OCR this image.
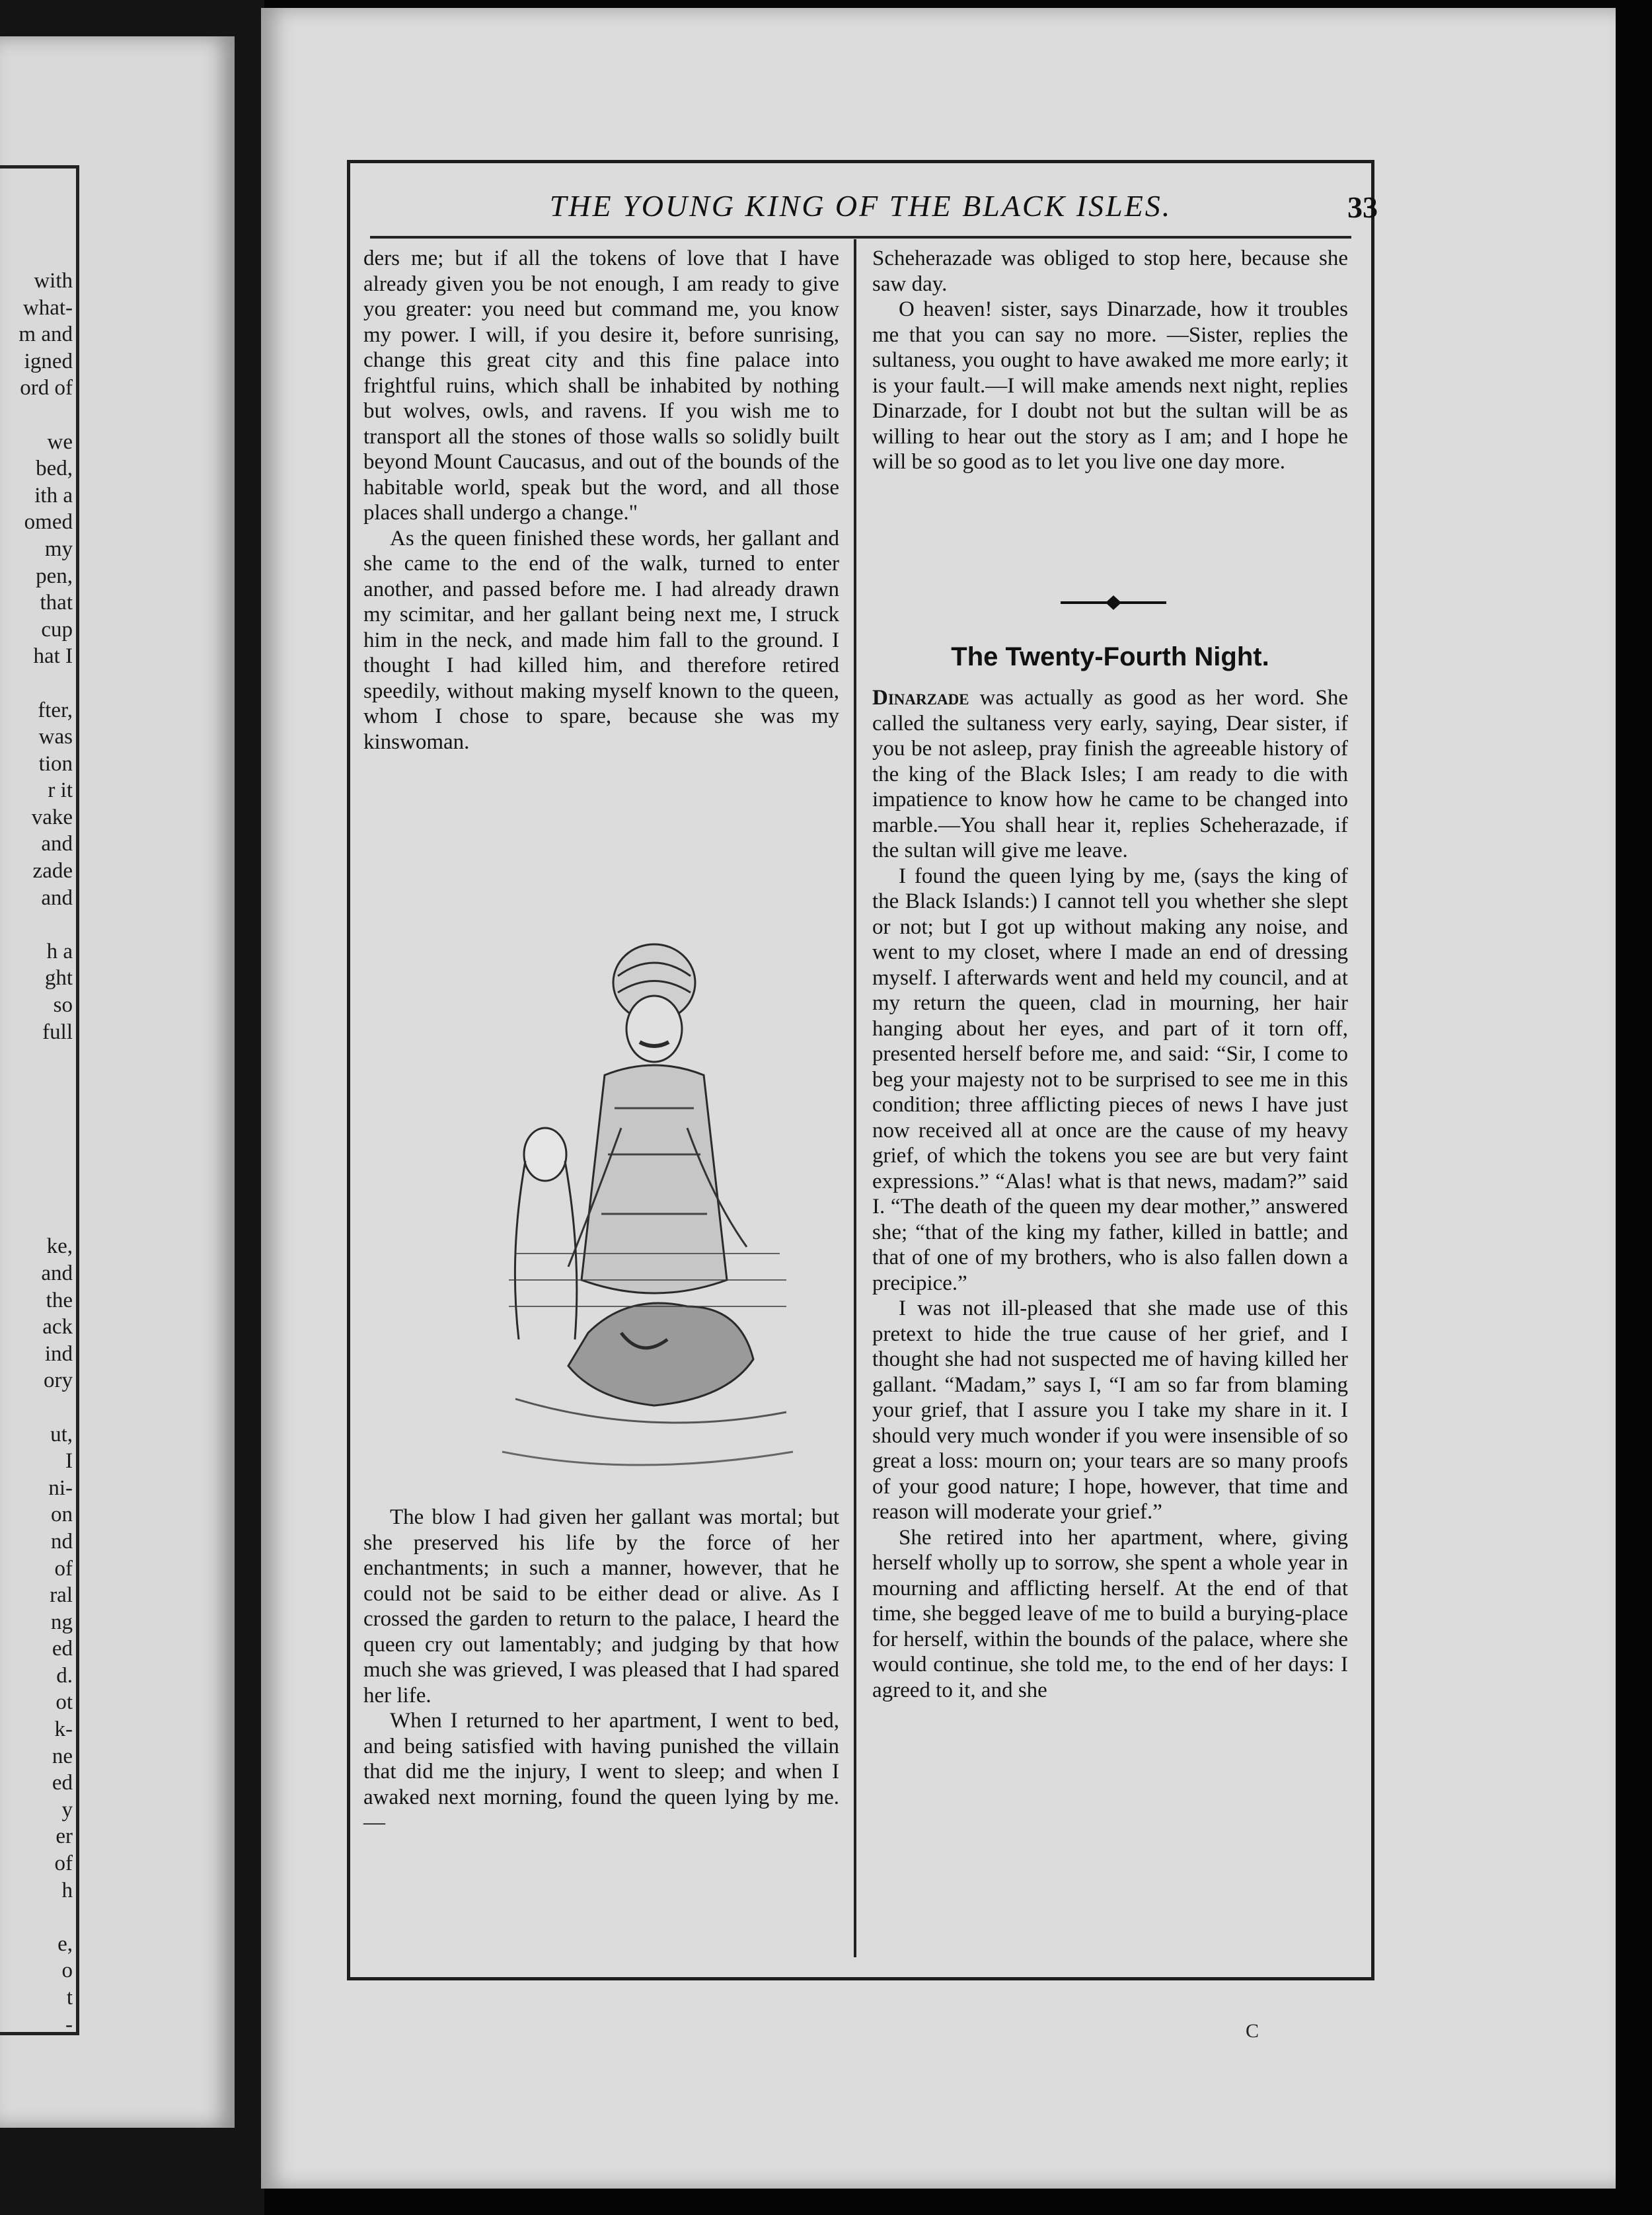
with
what-
m and
igned
ord of

we
bed,
ith a
omed
my
pen,
that
cup
hat I

fter,
was
tion
r it
vake
and
zade
and

h a
ght
so
full

ke,
and
the
ack
ind
ory

ut,
I
ni-
on
nd
of
ral
ng
ed
d.
ot
k-
ne
ed
y
er
of
h

e,
o
t
-
THE YOUNG KING OF THE BLACK ISLES.	33

ders me; but if all the tokens of love that I have already given you be not enough, I am ready to give you greater: you need but command me, you know my power. I will, if you desire it, before sunrising, change this great city and this fine palace into frightful ruins, which shall be inhabited by nothing but wolves, owls, and ravens. If you wish me to transport all the stones of those walls so solidly built beyond Mount Caucasus, and out of the bounds of the habitable world, speak but the word, and all those places shall undergo a change."

As the queen finished these words, her gallant and she came to the end of the walk, turned to enter another, and passed before me. I had already drawn my scimitar, and her gallant being next me, I struck him in the neck, and made him fall to the ground. I thought I had killed him, and therefore retired speedily, without making myself known to the queen, whom I chose to spare, because she was my kinswoman.

The blow I had given her gallant was mortal; but she preserved his life by the force of her enchantments; in such a manner, however, that he could not be said to be either dead or alive. As I crossed the garden to return to the palace, I heard the queen cry out lamentably; and judging by that how much she was grieved, I was pleased that I had spared her life.

When I returned to her apartment, I went to bed, and being satisfied with having punished the villain that did me the injury, I went to sleep; and when I awaked next morning, found the queen lying by me.—

Scheherazade was obliged to stop here, because she saw day.

O heaven! sister, says Dinarzade, how it troubles me that you can say no more. —Sister, replies the sultaness, you ought to have awaked me more early; it is your fault.—I will make amends next night, replies Dinarzade, for I doubt not but the sultan will be as willing to hear out the story as I am; and I hope he will be so good as to let you live one day more.

The Twenty-Fourth Night.

Dinarzade was actually as good as her word. She called the sultaness very early, saying, Dear sister, if you be not asleep, pray finish the agreeable history of the king of the Black Isles; I am ready to die with impatience to know how he came to be changed into marble.—You shall hear it, replies Scheherazade, if the sultan will give me leave.

I found the queen lying by me, (says the king of the Black Islands:) I cannot tell you whether she slept or not; but I got up without making any noise, and went to my closet, where I made an end of dressing myself. I afterwards went and held my council, and at my return the queen, clad in mourning, her hair hanging about her eyes, and part of it torn off, presented herself before me, and said: “Sir, I come to beg your majesty not to be surprised to see me in this condition; three afflicting pieces of news I have just now received all at once are the cause of my heavy grief, of which the tokens you see are but very faint expressions.” “Alas! what is that news, madam?” said I. “The death of the queen my dear mother,” answered she; “that of the king my father, killed in battle; and that of one of my brothers, who is also fallen down a precipice.”

I was not ill-pleased that she made use of this pretext to hide the true cause of her grief, and I thought she had not suspected me of having killed her gallant. “Madam,” says I, “I am so far from blaming your grief, that I assure you I take my share in it. I should very much wonder if you were insensible of so great a loss: mourn on; your tears are so many proofs of your good nature; I hope, however, that time and reason will moderate your grief.”

She retired into her apartment, where, giving herself wholly up to sorrow, she spent a whole year in mourning and afflicting herself. At the end of that time, she begged leave of me to build a burying-place for herself, within the bounds of the palace, where she would continue, she told me, to the end of her days: I agreed to it, and she

C
